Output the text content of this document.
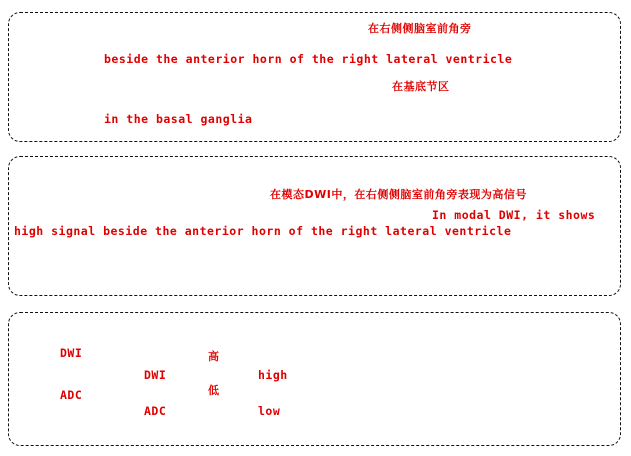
在右侧侧脑室前角旁
beside the anterior horn of the right lateral ventricle
在基底节区
in the basal ganglia
在模态DWI中，在右侧侧脑室前角旁表现为高信号
In modal DWI, it shows
high signal beside the anterior horn of the right lateral ventricle
DWI	高
DWI	high
ADC	低
ADC	low
